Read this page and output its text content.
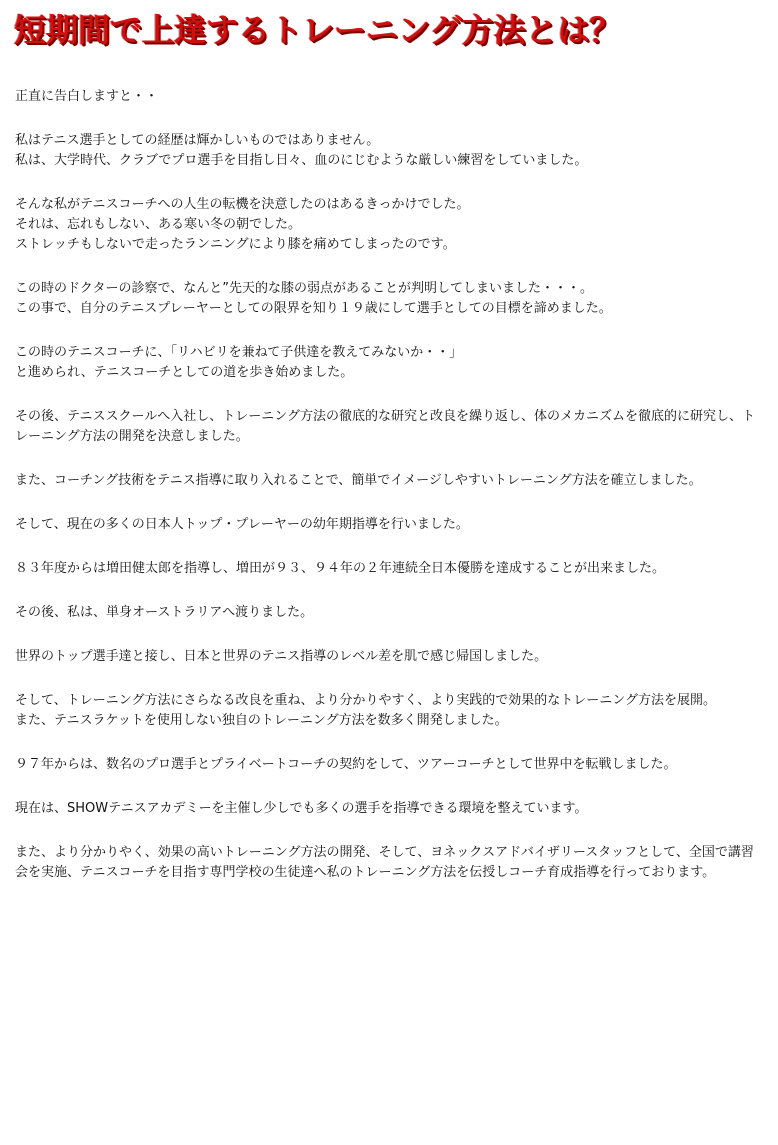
短期間で上達するトレーニング方法とは？

正直に告白しますと・・

私はテニス選手としての経歴は輝かしいものではありません。
私は、大学時代、クラブでプロ選手を目指し日々、血のにじむような厳しい練習をしていました。

そんな私がテニスコーチへの人生の転機を決意したのはあるきっかけでした。
それは、忘れもしない、ある寒い冬の朝でした。
ストレッチもしないで走ったランニングにより膝を痛めてしまったのです。

この時のドクターの診察で、なんと”先天的な膝の弱点があることが判明してしまいました・・・。
この事で、自分のテニスプレーヤーとしての限界を知り１９歳にして選手としての目標を諦めました。

この時のテニスコーチに、「リハビリを兼ねて子供達を教えてみないか・・」
と進められ、テニスコーチとしての道を歩き始めました。

その後、テニススクールへ入社し、トレーニング方法の徹底的な研究と改良を繰り返し、体のメカニズムを徹底的に研究し、トレーニング方法の開発を決意しました。

また、コーチング技術をテニス指導に取り入れることで、簡単でイメージしやすいトレーニング方法を確立しました。

そして、現在の多くの日本人トップ・プレーヤーの幼年期指導を行いました。

８３年度からは増田健太郎を指導し、増田が９３、９４年の２年連続全日本優勝を達成することが出来ました。

その後、私は、単身オーストラリアへ渡りました。

世界のトップ選手達と接し、日本と世界のテニス指導のレベル差を肌で感じ帰国しました。

そして、トレーニング方法にさらなる改良を重ね、より分かりやすく、より実践的で効果的なトレーニング方法を展開。
また、テニスラケットを使用しない独自のトレーニング方法を数多く開発しました。

９７年からは、数名のプロ選手とプライベートコーチの契約をして、ツアーコーチとして世界中を転戦しました。

現在は、SHOWテニスアカデミーを主催し少しでも多くの選手を指導できる環境を整えています。

また、より分かりやく、効果の高いトレーニング方法の開発、そして、ヨネックスアドバイザリースタッフとして、全国で講習会を実施、テニスコーチを目指す専門学校の生徒達へ私のトレーニング方法を伝授しコーチ育成指導を行っております。
